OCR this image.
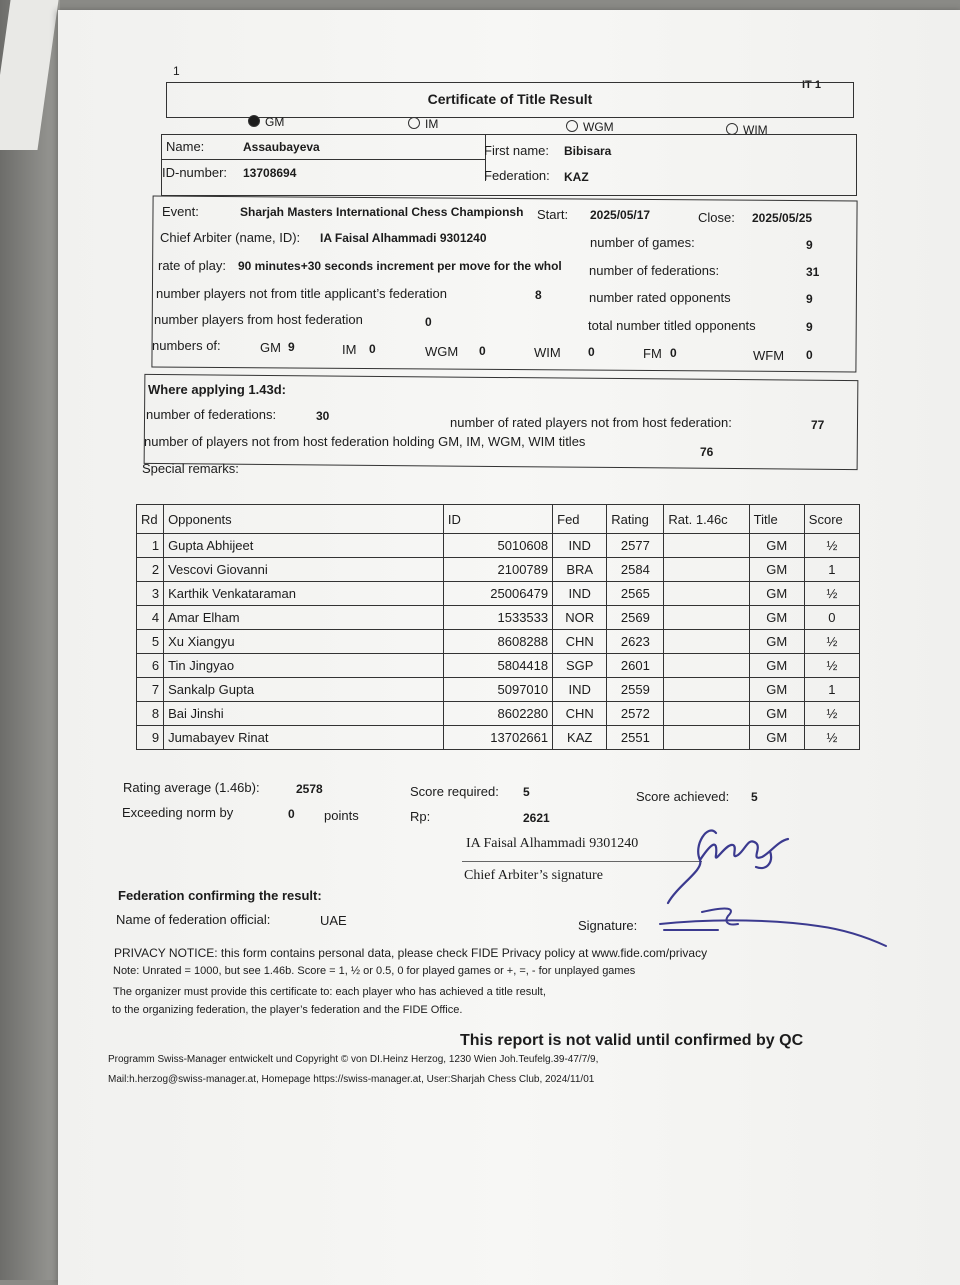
1
IT 1
Certificate of Title Result
GM	IM	WGM	WIM
Name:	Assaubayeva	First name: Bibisara
ID-number: 13708694	Federation: KAZ
Event:	Sharjah Masters International Chess Championsh	Start: 2025/05/17	Close: 2025/05/25
Chief Arbiter (name, ID): IA Faisal Alhammadi 9301240	number of games:	9
rate of play: 90 minutes+30 seconds increment per move for the whol	number of federations:	31
number players not from title applicant’s federation	8	number rated opponents	9
number players from host federation	0	total number titled opponents	9
numbers of:	GM 9	IM 0	WGM 0	WIM 0	FM 0	WFM 0
Where applying 1.43d:
number of federations:	30	number of rated players not from host federation:	77
number of players not from host federation holding GM, IM, WGM, WIM titles
76
Special remarks:
Rd	Opponents	ID	Fed	Rating	Rat. 1.46c	Title	Score
1	Gupta Abhijeet	5010608	IND	2577		GM	½
2	Vescovi Giovanni	2100789	BRA	2584		GM	1
3	Karthik Venkataraman	25006479	IND	2565		GM	½
4	Amar Elham	1533533	NOR	2569		GM	0
5	Xu Xiangyu	8608288	CHN	2623		GM	½
6	Tin Jingyao	5804418	SGP	2601		GM	½
7	Sankalp Gupta	5097010	IND	2559		GM	1
8	Bai Jinshi	8602280	CHN	2572		GM	½
9	Jumabayev Rinat	13702661	KAZ	2551		GM	½
Rating average (1.46b):	2578	Score required: 5	Score achieved: 5
Exceeding norm by	0 points	Rp:	2621
IA Faisal Alhammadi 9301240
Chief Arbiter’s signature
Federation confirming the result:
Name of federation official:	UAE	Signature:
PRIVACY NOTICE: this form contains personal data, please check FIDE Privacy policy at www.fide.com/privacy
Note: Unrated = 1000, but see 1.46b. Score = 1, ½ or 0.5, 0 for played games or +, =, - for unplayed games
The organizer must provide this certificate to: each player who has achieved a title result,
to the organizing federation, the player’s federation and the FIDE Office.
This report is not valid until confirmed by QC
Programm Swiss-Manager entwickelt und Copyright © von DI.Heinz Herzog, 1230 Wien Joh.Teufelg.39-47/7/9,
Mail:h.herzog@swiss-manager.at, Homepage https://swiss-manager.at, User:Sharjah Chess Club, 2024/11/01
